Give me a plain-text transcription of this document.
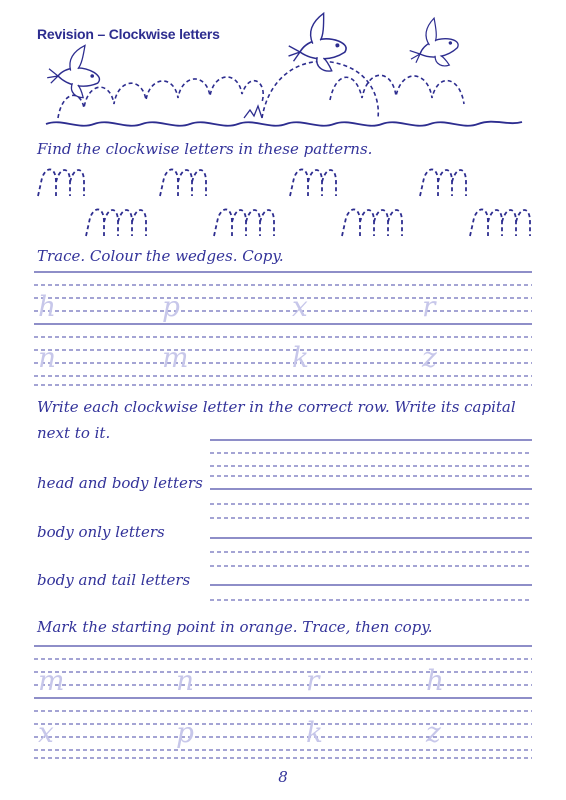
Revision – Clockwise letters
Find the clockwise letters in these patterns.
Trace. Colour the wedges. Copy.
h	p	x	r
n	m	k	z
Write each clockwise letter in the correct row. Write its capital
next to it.
head and body letters
body only letters
body and tail letters
Mark the starting point in orange. Trace, then copy.
m	n	r	h
x	p	k	z
8
